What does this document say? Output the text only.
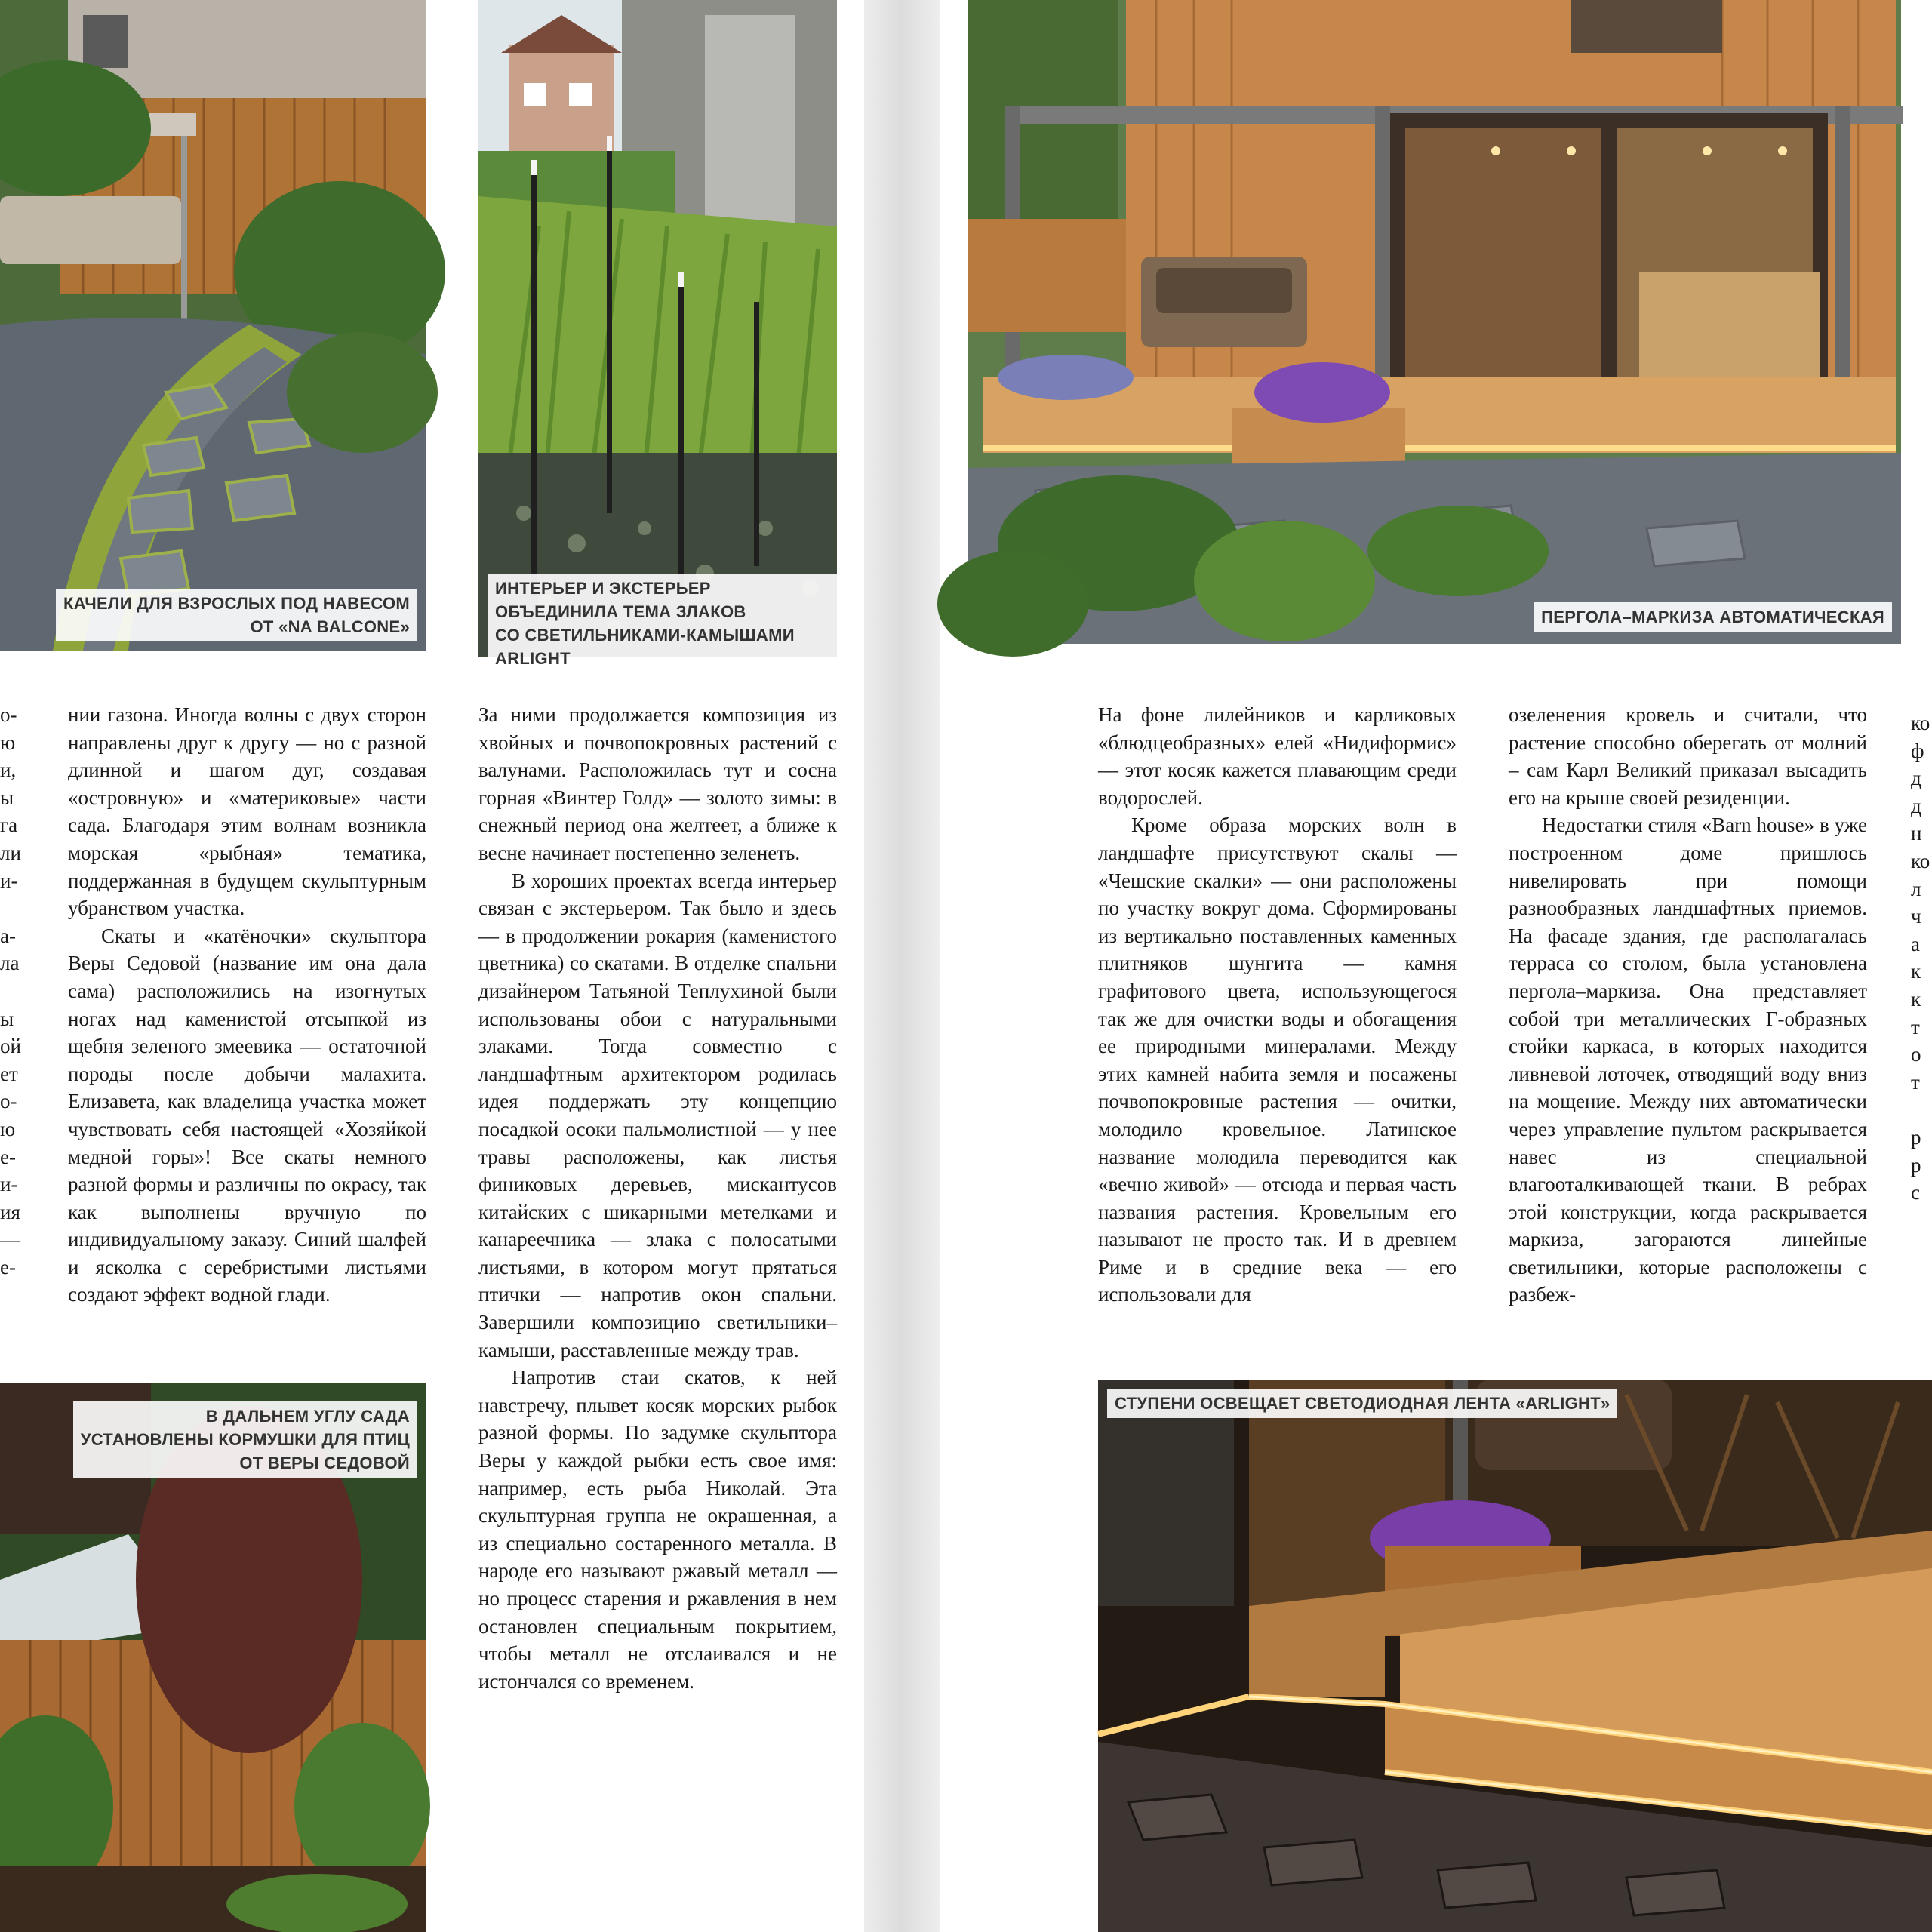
КАЧЕЛИ ДЛЯ ВЗРОСЛЫХ ПОД НАВЕСОМ
ОТ «NA BALCONE»
ИНТЕРЬЕР И ЭКСТЕРЬЕР
ОБЪЕДИНИЛА ТЕМА ЗЛАКОВ
СО СВЕТИЛЬНИКАМИ-КАМЫШАМИ ARLIGHT
В ДАЛЬНЕМ УГЛУ САДА
УСТАНОВЛЕНЫ КОРМУШКИ ДЛЯ ПТИЦ
ОТ ВЕРЫ СЕДОВОЙ
о-
ю
и,
ы
га
ли
и-

а-
ла

ы
ой
ет
о-
ю
е-
и-
ия
—
е-

нии газона. Иногда волны с двух сторон направлены друг к другу — но с разной длинной и шагом дуг, создавая «островную» и «материковые» части сада. Благодаря этим волнам возникла морская «рыбная» тематика, поддержанная в будущем скульптурным убранством участка.

Скаты и «катёночки» скульптора Веры Седовой (название им она дала сама) расположились на изогнутых ногах над каменистой отсыпкой из щебня зеленого змеевика — остаточной породы после добычи малахита. Елизавета, как владелица участка может чувствовать себя настоящей «Хозяйкой медной горы»! Все скаты немного разной формы и различны по окрасу, так как выполнены вручную по индивидуальному заказу. Синий шалфей и ясколка с серебристыми листьями создают эффект водной глади.

За ними продолжается композиция из хвойных и почвопокровных растений с валунами. Расположилась тут и сосна горная «Винтер Голд» — золото зимы: в снежный период она желтеет, а ближе к весне начинает постепенно зеленеть.

В хороших проектах всегда интерьер связан с экстерьером. Так было и здесь — в продолжении рокария (каменистого цветника) со скатами. В отделке спальни дизайнером Татьяной Теплухиной были использованы обои с натуральными злаками. Тогда совместно с ландшафтным архитектором родилась идея поддержать эту концепцию посадкой осоки пальмолистной — у нее травы расположены, как листья финиковых деревьев, мискантусов китайских с шикарными метелками и канареечника — злака с полосатыми листьями, в котором могут прятаться птички — напротив окон спальни. Завершили композицию светильники–камыши, расставленные между трав.

Напротив стаи скатов, к ней навстречу, плывет косяк морских рыбок разной формы. По задумке скульптора Веры у каждой рыбки есть свое имя: например, есть рыба Николай. Эта скульптурная группа не окрашенная, а из специально состаренного металла. В народе его называют ржавый металл — но процесс старения и ржавления в нем остановлен специальным покрытием, чтобы металл не отслаивался и не истончался со временем.

ПЕРГОЛА–МАРКИЗА АВТОМАТИЧЕСКАЯ
СТУПЕНИ ОСВЕЩАЕТ СВЕТОДИОДНАЯ ЛЕНТА «ARLIGHT»

На фоне лилейников и карликовых «блюдцеобразных» елей «Нидиформис» — этот косяк кажется плавающим среди водорослей.

Кроме образа морских волн в ландшафте присутствуют скалы — «Чешские скалки» — они расположены по участку вокруг дома. Сформированы из вертикально поставленных каменных плитняков шунгита — камня графитового цвета, использующегося так же для очистки воды и обогащения ее природными минералами. Между этих камней набита земля и посажены почвопокровные растения — очитки, молодило кровельное. Латинское название молодила переводится как «вечно живой» — отсюда и первая часть названия растения. Кровельным его называют не просто так. И в древнем Риме и в средние века — его использовали для

озеленения кровель и считали, что растение способно оберегать от молний – сам Карл Великий приказал высадить его на крыше своей резиденции.

Недостатки стиля «Barn house» в уже построенном доме пришлось нивелировать при помощи разнообразных ландшафтных приемов. На фасаде здания, где располагалась терраса со столом, была установлена пергола–маркиза. Она представляет собой три металлических Г-образных стойки каркаса, в которых находится ливневой лоточек, отводящий воду вниз на мощение. Между них автоматически через управление пультом раскрывается навес из специальной влагооталкивающей ткани. В ребрах этой конструкции, когда раскрывается маркиза, загораются линейные светильники, которые расположены с разбеж-

ко
ф
д
д
н
ко
л
ч
а
к
к
т
о
т

р
р
с
